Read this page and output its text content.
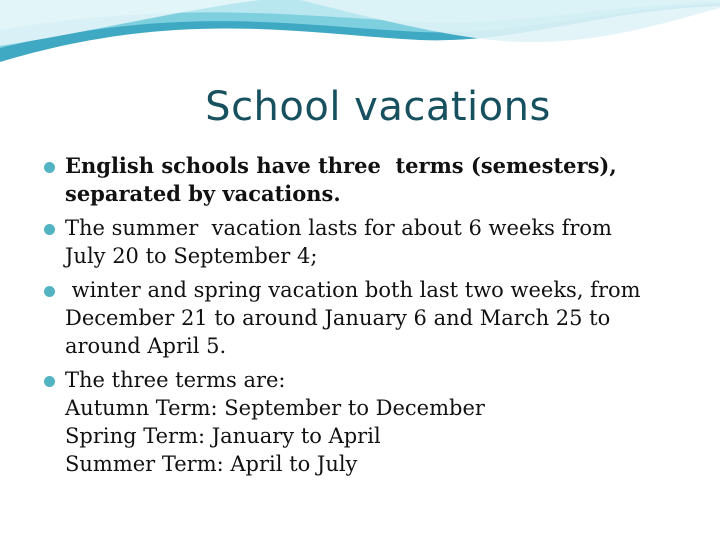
School vacations
English schools have three  terms (semesters),
separated by vacations.
The summer  vacation lasts for about 6 weeks from
July 20 to September 4;
winter and spring vacation both last two weeks, from
December 21 to around January 6 and March 25 to
around April 5.
The three terms are:
Autumn Term: September to December
Spring Term: January to April
Summer Term: April to July
